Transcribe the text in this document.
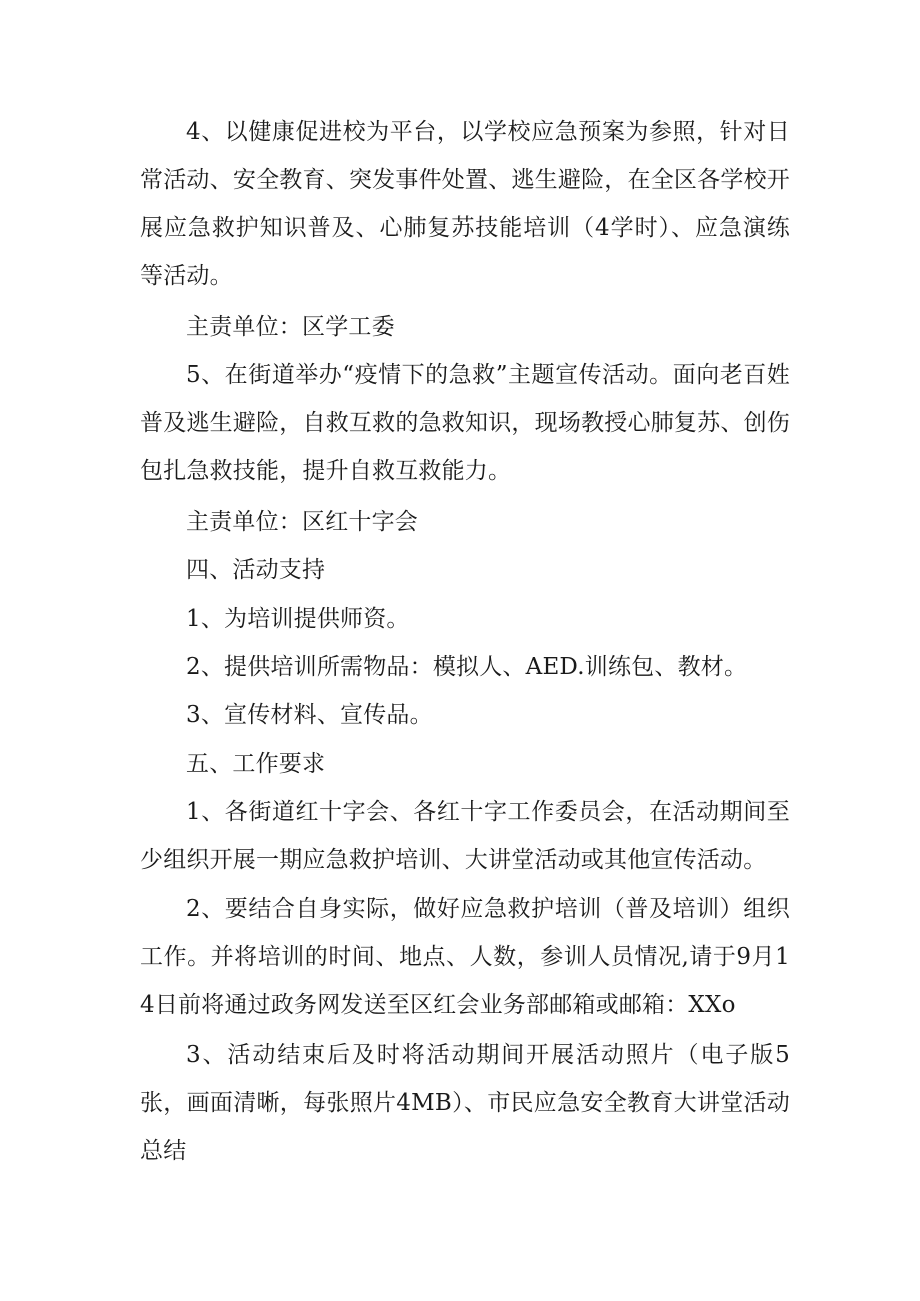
4、以健康促进校为平台，以学校应急预案为参照，针对日常活动、安全教育、突发事件处置、逃生避险，在全区各学校开展应急救护知识普及、心肺复苏技能培训（4学时）、应急演练等活动。

主责单位：区学工委

5、在街道举办“疫情下的急救”主题宣传活动。面向老百姓普及逃生避险，自救互救的急救知识，现场教授心肺复苏、创伤包扎急救技能，提升自救互救能力。

主责单位：区红十字会

四、活动支持

1、为培训提供师资。

2、提供培训所需物品：模拟人、AED.训练包、教材。

3、宣传材料、宣传品。

五、工作要求

1、各街道红十字会、各红十字工作委员会，在活动期间至少组织开展一期应急救护培训、大讲堂活动或其他宣传活动。

2、要结合自身实际，做好应急救护培训（普及培训）组织工作。并将培训的时间、地点、人数，参训人员情况,请于9月14日前将通过政务网发送至区红会业务部邮箱或邮箱：XXo

3、活动结束后及时将活动期间开展活动照片（电子版5张，画面清晰，每张照片4MB）、市民应急安全教育大讲堂活动总结
